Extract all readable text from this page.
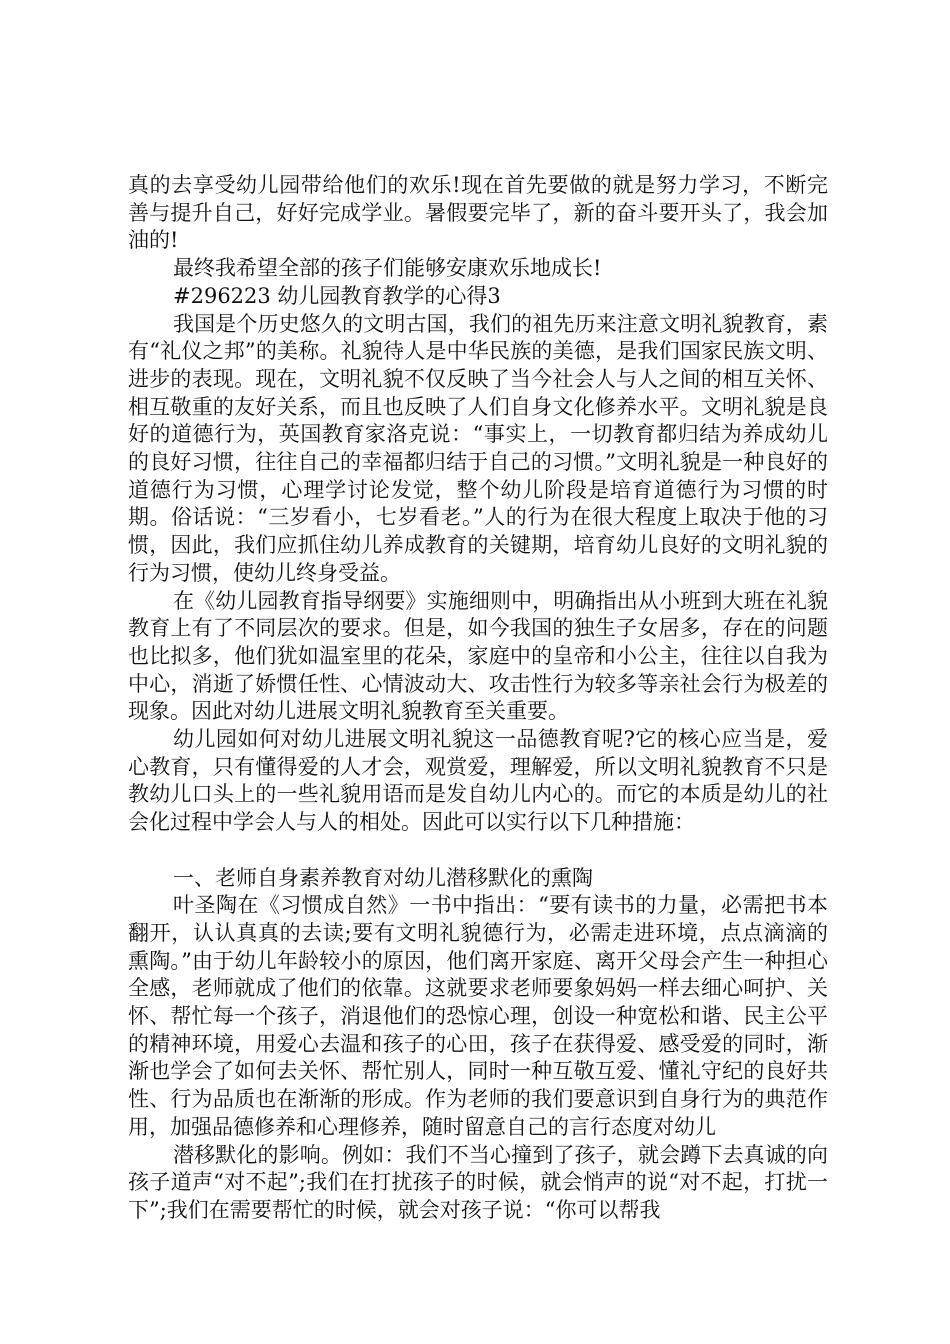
真的去享受幼儿园带给他们的欢乐!现在首先要做的就是努力学习，不断完善与提升自己，好好完成学业。暑假要完毕了，新的奋斗要开头了，我会加油的!

最终我希望全部的孩子们能够安康欢乐地成长!

#296223 幼儿园教育教学的心得3

我国是个历史悠久的文明古国，我们的祖先历来注意文明礼貌教育，素有“礼仪之邦”的美称。礼貌待人是中华民族的美德，是我们国家民族文明、进步的表现。现在，文明礼貌不仅反映了当今社会人与人之间的相互关怀、相互敬重的友好关系，而且也反映了人们自身文化修养水平。文明礼貌是良好的道德行为，英国教育家洛克说：“事实上，一切教育都归结为养成幼儿的良好习惯，往往自己的幸福都归结于自己的习惯。”文明礼貌是一种良好的道德行为习惯，心理学讨论发觉，整个幼儿阶段是培育道德行为习惯的时期。俗话说：“三岁看小，七岁看老。”人的行为在很大程度上取决于他的习惯，因此，我们应抓住幼儿养成教育的关键期，培育幼儿良好的文明礼貌的行为习惯，使幼儿终身受益。

在《幼儿园教育指导纲要》实施细则中，明确指出从小班到大班在礼貌教育上有了不同层次的要求。但是，如今我国的独生子女居多，存在的问题也比拟多，他们犹如温室里的花朵，家庭中的皇帝和小公主，往往以自我为中心，消逝了娇惯任性、心情波动大、攻击性行为较多等亲社会行为极差的现象。因此对幼儿进展文明礼貌教育至关重要。

幼儿园如何对幼儿进展文明礼貌这一品德教育呢?它的核心应当是，爱心教育，只有懂得爱的人才会，观赏爱，理解爱，所以文明礼貌教育不只是教幼儿口头上的一些礼貌用语而是发自幼儿内心的。而它的本质是幼儿的社会化过程中学会人与人的相处。因此可以实行以下几种措施：

一、老师自身素养教育对幼儿潜移默化的熏陶

叶圣陶在《习惯成自然》一书中指出：“要有读书的力量，必需把书本翻开，认认真真的去读;要有文明礼貌德行为，必需走进环境，点点滴滴的熏陶。”由于幼儿年龄较小的原因，他们离开家庭、离开父母会产生一种担心全感，老师就成了他们的依靠。这就要求老师要象妈妈一样去细心呵护、关怀、帮忙每一个孩子，消退他们的恐惊心理，创设一种宽松和谐、民主公平的精神环境，用爱心去温和孩子的心田，孩子在获得爱、感受爱的同时，渐渐也学会了如何去关怀、帮忙别人，同时一种互敬互爱、懂礼守纪的良好共性、行为品质也在渐渐的形成。作为老师的我们要意识到自身行为的典范作用，加强品德修养和心理修养，随时留意自己的言行态度对幼儿

潜移默化的影响。例如：我们不当心撞到了孩子，就会蹲下去真诚的向孩子道声“对不起”;我们在打扰孩子的时候，就会悄声的说“对不起，打扰一下”;我们在需要帮忙的时候，就会对孩子说：“你可以帮我
